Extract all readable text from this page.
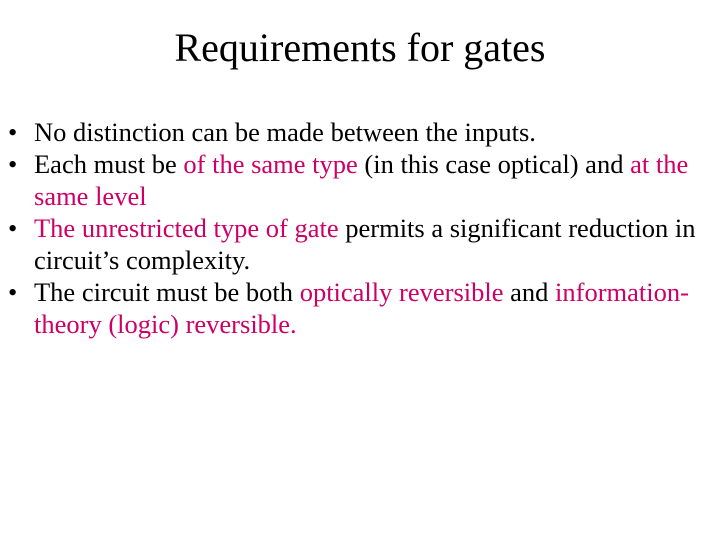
Requirements for gates
• No distinction can be made between the inputs.
• Each must be of the same type (in this case optical) and at the same level
• The unrestricted type of gate permits a significant reduction in circuit’s complexity.
• The circuit must be both optically reversible and information-theory (logic) reversible.
